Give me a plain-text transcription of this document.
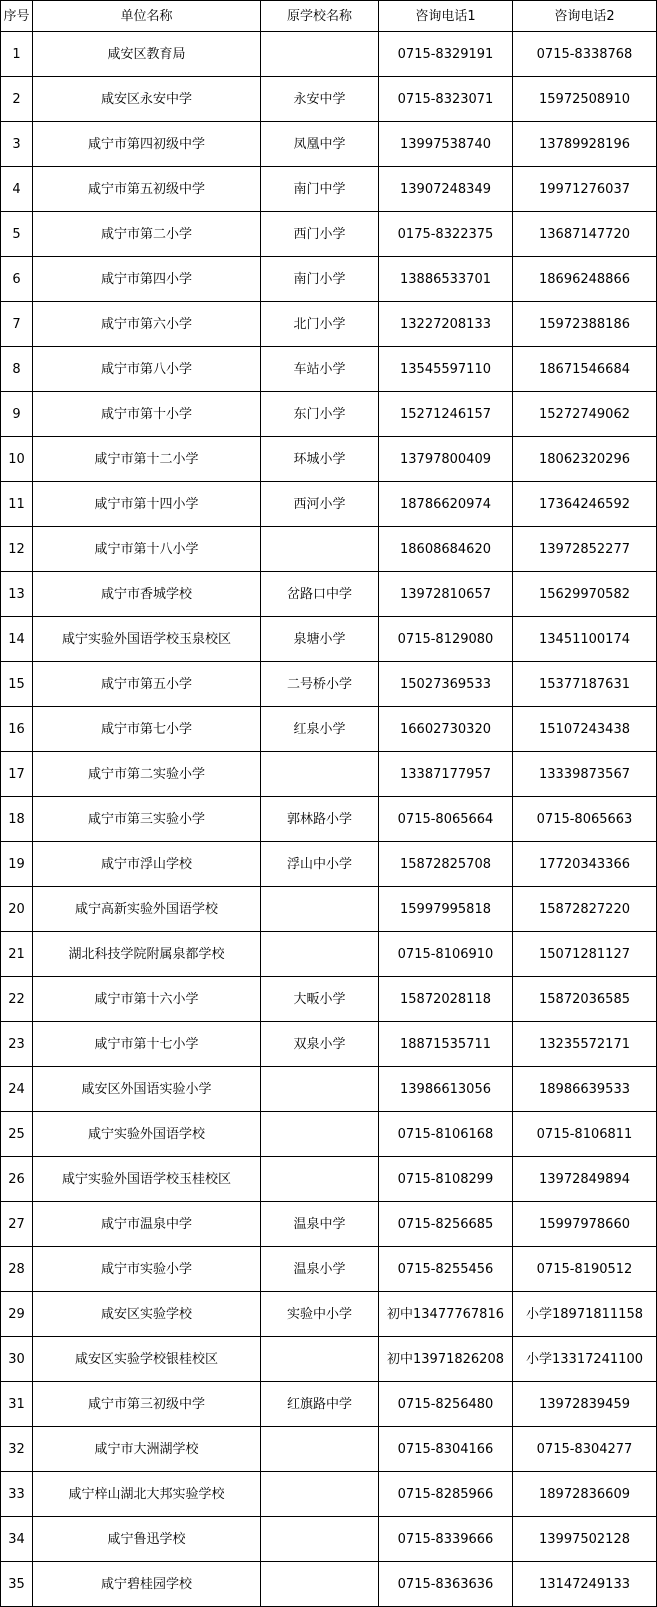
序号	单位名称	原学校名称	咨询电话1	咨询电话2
1	咸安区教育局		0715-8329191	0715-8338768
2	咸安区永安中学	永安中学	0715-8323071	15972508910
3	咸宁市第四初级中学	凤凰中学	13997538740	13789928196
4	咸宁市第五初级中学	南门中学	13907248349	19971276037
5	咸宁市第二小学	西门小学	0175-8322375	13687147720
6	咸宁市第四小学	南门小学	13886533701	18696248866
7	咸宁市第六小学	北门小学	13227208133	15972388186
8	咸宁市第八小学	车站小学	13545597110	18671546684
9	咸宁市第十小学	东门小学	15271246157	15272749062
10	咸宁市第十二小学	环城小学	13797800409	18062320296
11	咸宁市第十四小学	西河小学	18786620974	17364246592
12	咸宁市第十八小学		18608684620	13972852277
13	咸宁市香城学校	岔路口中学	13972810657	15629970582
14	咸宁实验外国语学校玉泉校区	泉塘小学	0715-8129080	13451100174
15	咸宁市第五小学	二号桥小学	15027369533	15377187631
16	咸宁市第七小学	红泉小学	16602730320	15107243438
17	咸宁市第二实验小学		13387177957	13339873567
18	咸宁市第三实验小学	郭林路小学	0715-8065664	0715-8065663
19	咸宁市浮山学校	浮山中小学	15872825708	17720343366
20	咸宁高新实验外国语学校		15997995818	15872827220
21	湖北科技学院附属泉都学校		0715-8106910	15071281127
22	咸宁市第十六小学	大畈小学	15872028118	15872036585
23	咸宁市第十七小学	双泉小学	18871535711	13235572171
24	咸安区外国语实验小学		13986613056	18986639533
25	咸宁实验外国语学校		0715-8106168	0715-8106811
26	咸宁实验外国语学校玉桂校区		0715-8108299	13972849894
27	咸宁市温泉中学	温泉中学	0715-8256685	15997978660
28	咸宁市实验小学	温泉小学	0715-8255456	0715-8190512
29	咸安区实验学校	实验中小学	初中13477767816	小学18971811158
30	咸安区实验学校银桂校区		初中13971826208	小学13317241100
31	咸宁市第三初级中学	红旗路中学	0715-8256480	13972839459
32	咸宁市大洲湖学校		0715-8304166	0715-8304277
33	咸宁梓山湖北大邦实验学校		0715-8285966	18972836609
34	咸宁鲁迅学校		0715-8339666	13997502128
35	咸宁碧桂园学校		0715-8363636	13147249133
